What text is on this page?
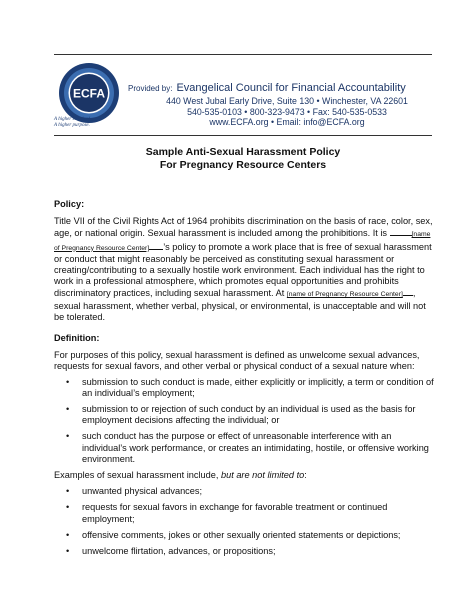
ECFA
A higher standard.
A higher purpose.
Provided by: Evangelical Council for Financial Accountability
440 West Jubal Early Drive, Suite 130 • Winchester, VA 22601
540-535-0103 • 800-323-9473 • Fax: 540-535-0533
www.ECFA.org • Email: info@ECFA.org
Sample Anti-Sexual Harassment Policy
For Pregnancy Resource Centers

Policy:

Title VII of the Civil Rights Act of 1964 prohibits discrimination on the basis of race, color, sex, age, or national origin. Sexual harassment is included among the prohibitions. It is	[name of Pregnancy Resource Center] ’s policy to promote a work place that is free of sexual harassment or conduct that might reasonably be perceived as constituting sexual harassment or creating/contributing to a sexually hostile work environment. Each individual has the right to work in a professional atmosphere, which promotes equal opportunities and prohibits discriminatory practices, including sexual harassment. At [name of Pregnancy Resource Center] , sexual harassment, whether verbal, physical, or environmental, is unacceptable and will not be tolerated.

Definition:

For purposes of this policy, sexual harassment is defined as unwelcome sexual advances, requests for sexual favors, and other verbal or physical conduct of a sexual nature when:

• submission to such conduct is made, either explicitly or implicitly, a term or condition of an individual’s employment;
• submission to or rejection of such conduct by an individual is used as the basis for employment decisions affecting the individual; or
• such conduct has the purpose or effect of unreasonable interference with an individual’s work performance, or creates an intimidating, hostile, or offensive working environment.

Examples of sexual harassment include, but are not limited to:

• unwanted physical advances;
• requests for sexual favors in exchange for favorable treatment or continued employment;
• offensive comments, jokes or other sexually oriented statements or depictions;
• unwelcome flirtation, advances, or propositions;
